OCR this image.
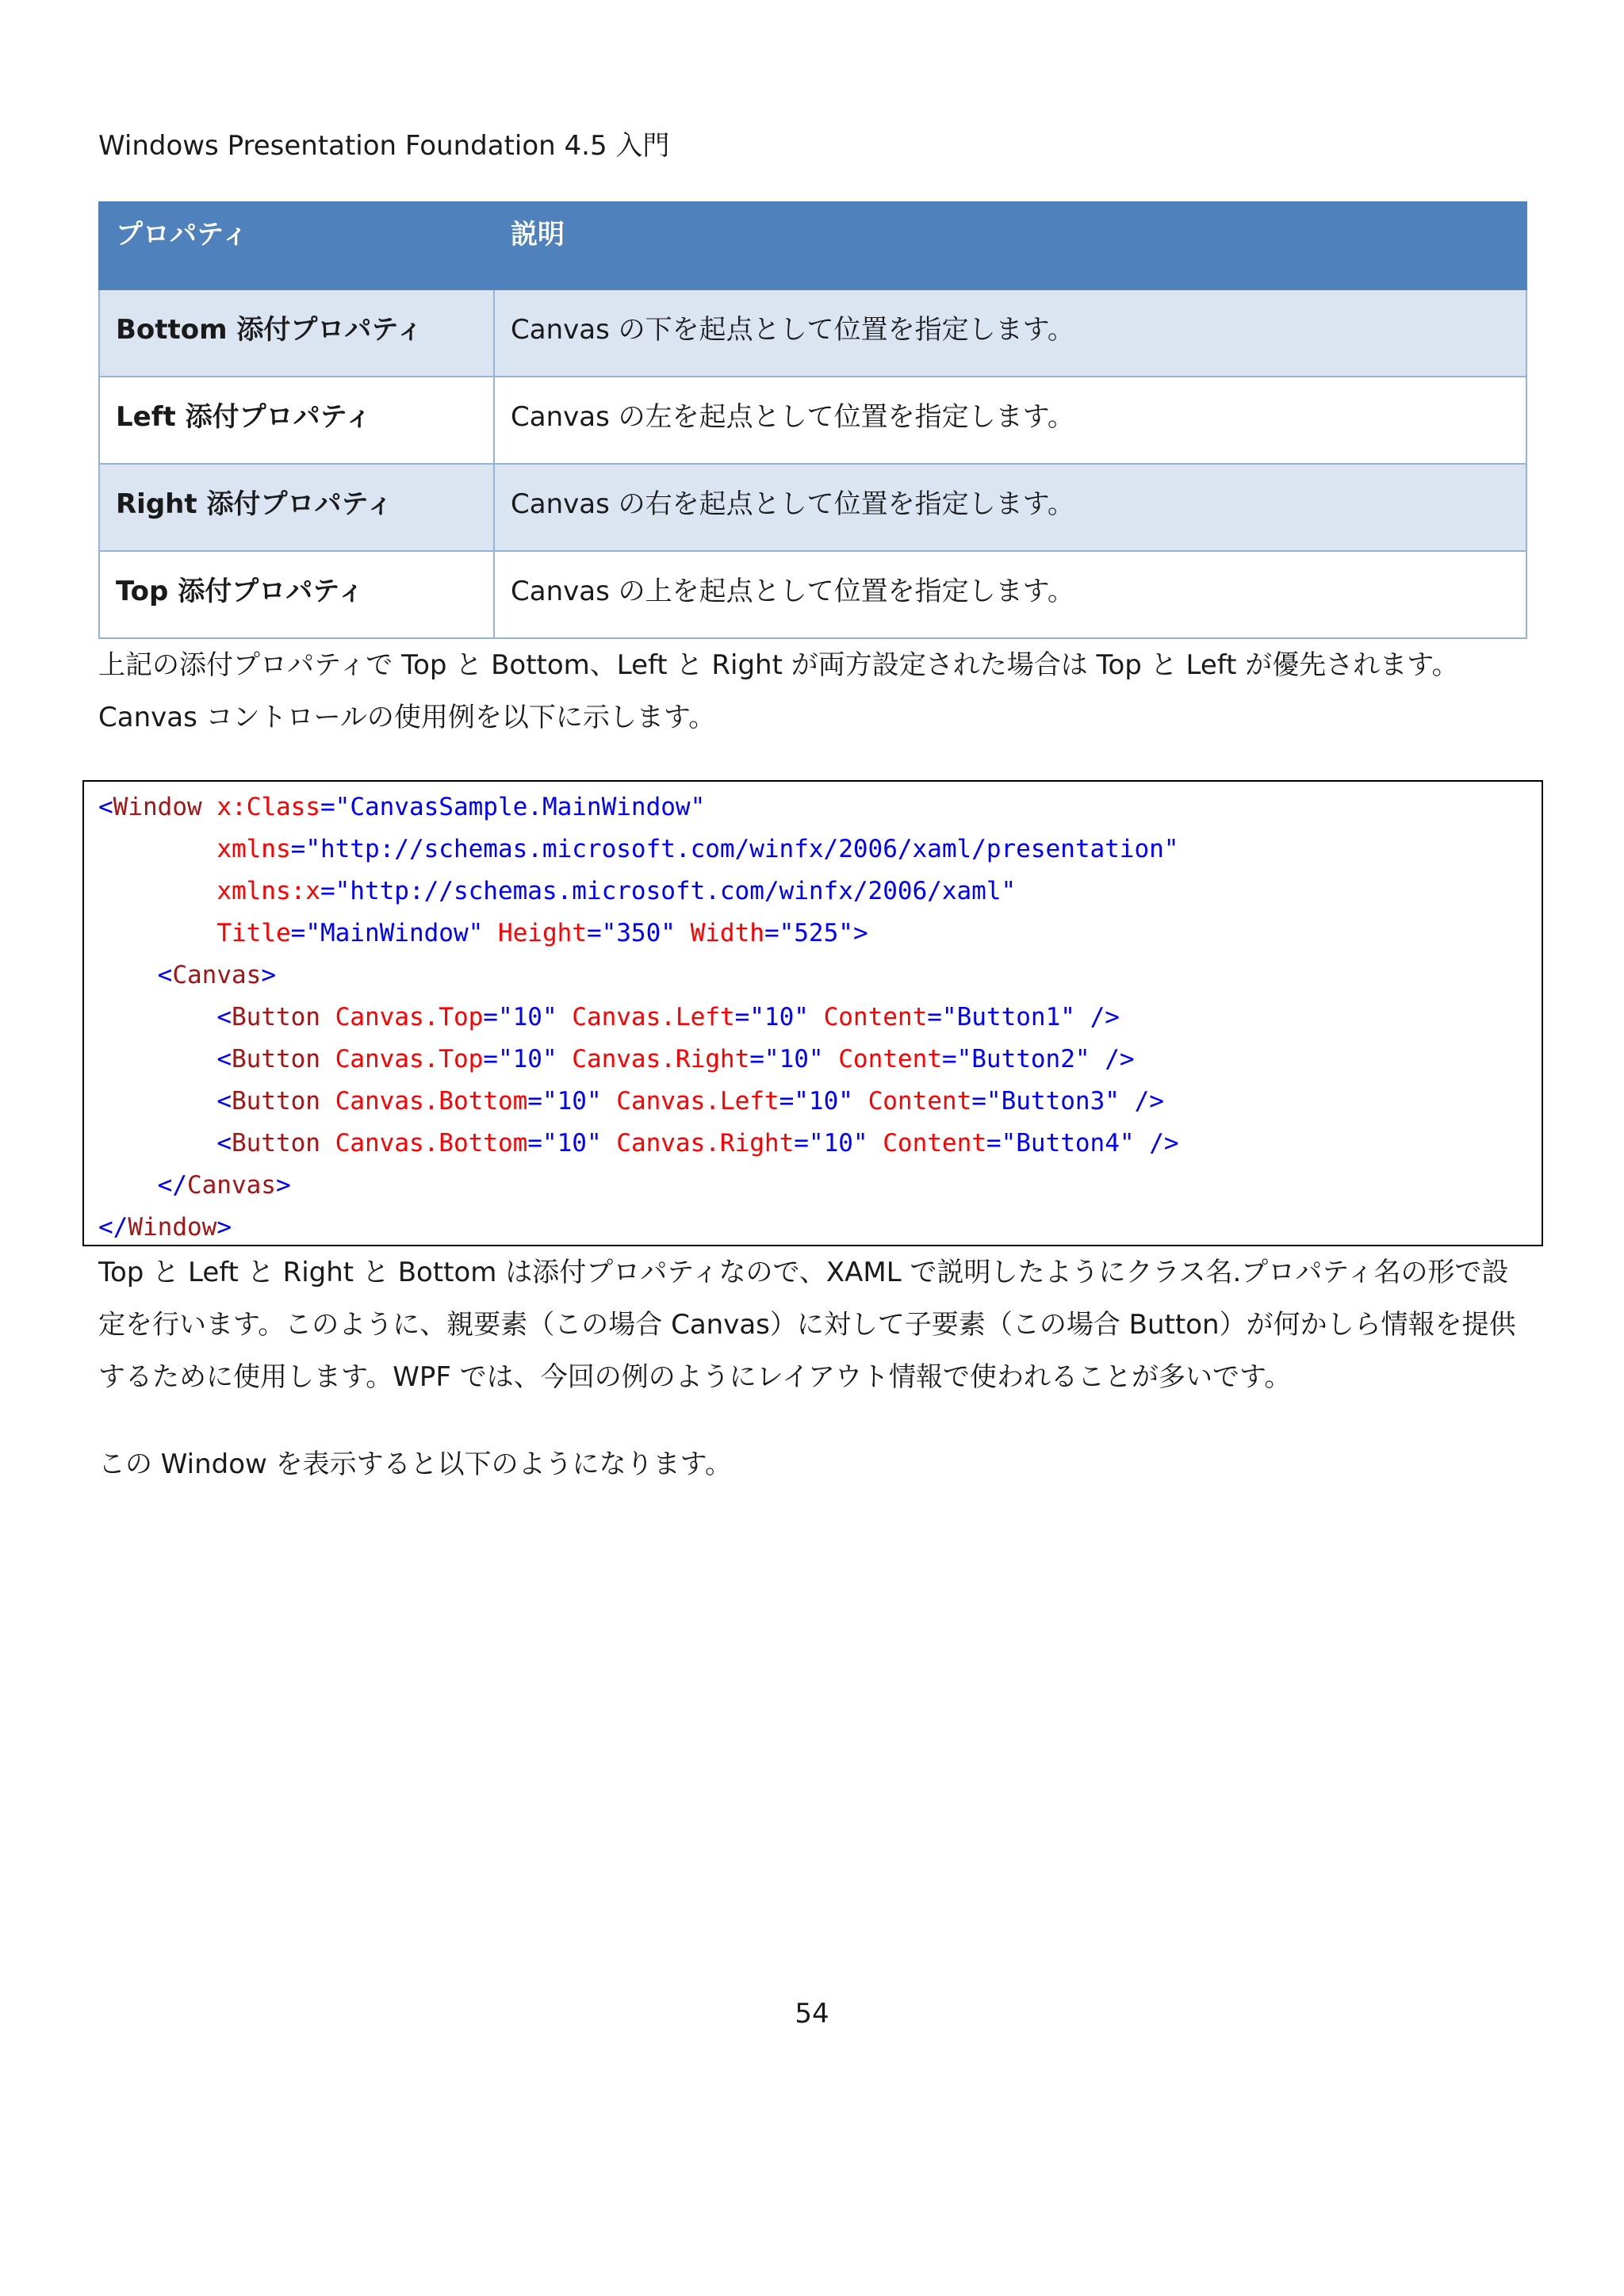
Windows Presentation Foundation 4.5 入門
プロパティ	説明
Bottom 添付プロパティ	Canvas の下を起点として位置を指定します。
Left 添付プロパティ	Canvas の左を起点として位置を指定します。
Right 添付プロパティ	Canvas の右を起点として位置を指定します。
Top 添付プロパティ	Canvas の上を起点として位置を指定します。
上記の添付プロパティで Top と Bottom、Left と Right が両方設定された場合は Top と Left が優先されます。
Canvas コントロールの使用例を以下に示します。
<Window x:Class="CanvasSample.MainWindow"
xmlns="http://schemas.microsoft.com/winfx/2006/xaml/presentation"
xmlns:x="http://schemas.microsoft.com/winfx/2006/xaml"
Title="MainWindow" Height="350" Width="525">
<Canvas>
<Button Canvas.Top="10" Canvas.Left="10" Content="Button1" />
<Button Canvas.Top="10" Canvas.Right="10" Content="Button2" />
<Button Canvas.Bottom="10" Canvas.Left="10" Content="Button3" />
<Button Canvas.Bottom="10" Canvas.Right="10" Content="Button4" />
</Canvas>
</Window>
Top と Left と Right と Bottom は添付プロパティなので、XAML で説明したようにクラス名.プロパティ名の形で設定を行います。このように、親要素（この場合 Canvas）に対して子要素（この場合 Button）が何かしら情報を提供するために使用します。WPF では、今回の例のようにレイアウト情報で使われることが多いです。
この Window を表示すると以下のようになります。
54
